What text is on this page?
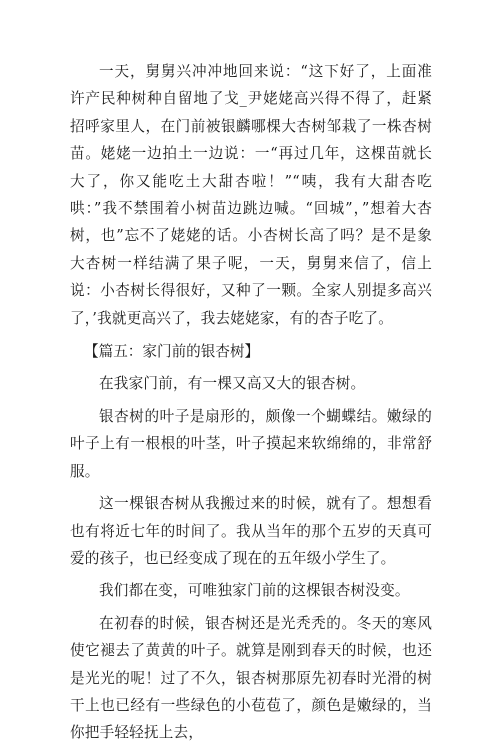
一天，舅舅兴冲冲地回来说：“这下好了，上面准许产民种树种自留地了戈_尹姥姥高兴得不得了，赶紧招呼家里人，在门前被银麟哪棵大杏树邹栽了一株杏树苗。姥姥一边拍土一边说：一“再过几年，这棵苗就长大了，你又能吃土大甜杏啦！”“咦，我有大甜杏吃哄：”我不禁围着小树苗边跳边喊。“回城”，”想着大杏树，也”忘不了姥姥的话。小杏树长高了吗？是不是象大杏树一样结满了果子呢，一天，舅舅来信了，信上说：小杏树长得很好，又种了一颗。全家人别提多高兴了，’我就更高兴了，我去姥姥家，有的杏子吃了。

【篇五：家门前的银杏树】

在我家门前，有一棵又高又大的银杏树。

银杏树的叶子是扇形的，颇像一个蝴蝶结。嫩绿的叶子上有一根根的叶茎，叶子摸起来软绵绵的，非常舒服。

这一棵银杏树从我搬过来的时候，就有了。想想看也有将近七年的时间了。我从当年的那个五岁的天真可爱的孩子，也已经变成了现在的五年级小学生了。

我们都在变，可唯独家门前的这棵银杏树没变。

在初春的时候，银杏树还是光秃秃的。冬天的寒风使它褪去了黄黄的叶子。就算是刚到春天的时候，也还是光光的呢！过了不久，银杏树那原先初春时光滑的树干上也已经有一些绿色的小苞苞了，颜色是嫩绿的，当你把手轻轻抚上去，
